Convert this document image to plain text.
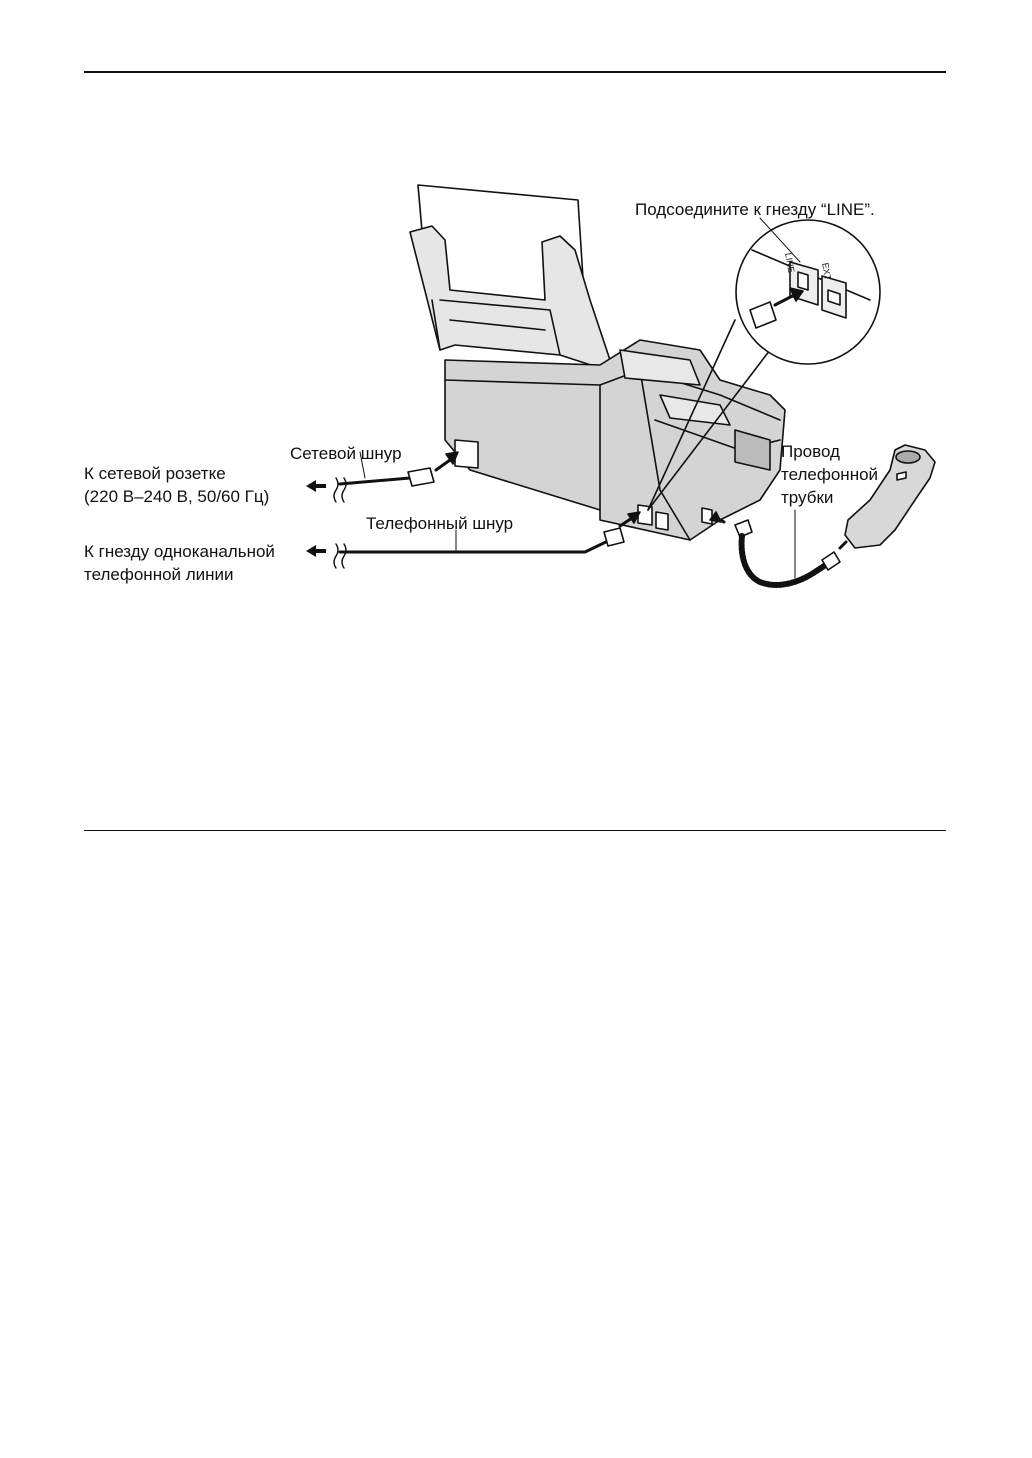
Подсоедините к гнезду “LINE”.
Сетевой шнур
К сетевой розетке
(220 В–240 В, 50/60 Гц)
Телефонный шнур
К гнезду одноканальной
телефонной линии
Провод
телефонной
трубки
LINE	EXT
